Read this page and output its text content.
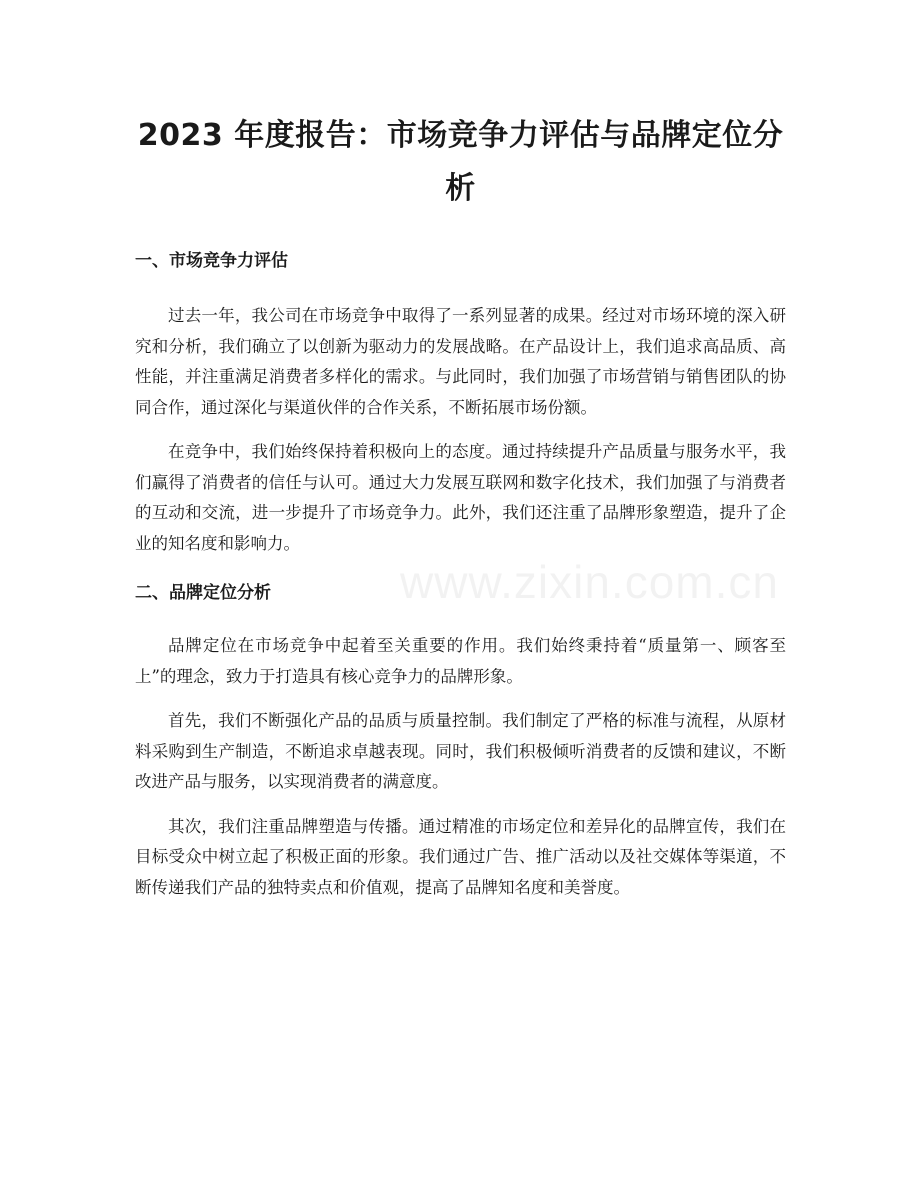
2023 年度报告：市场竞争力评估与品牌定位分析
一、市场竞争力评估

过去一年，我公司在市场竞争中取得了一系列显著的成果。经过对市场环境的深入研究和分析，我们确立了以创新为驱动力的发展战略。在产品设计上，我们追求高品质、高性能，并注重满足消费者多样化的需求。与此同时，我们加强了市场营销与销售团队的协同合作，通过深化与渠道伙伴的合作关系，不断拓展市场份额。

在竞争中，我们始终保持着积极向上的态度。通过持续提升产品质量与服务水平，我们赢得了消费者的信任与认可。通过大力发展互联网和数字化技术，我们加强了与消费者的互动和交流，进一步提升了市场竞争力。此外，我们还注重了品牌形象塑造，提升了企业的知名度和影响力。

二、品牌定位分析

品牌定位在市场竞争中起着至关重要的作用。我们始终秉持着“质量第一、顾客至上”的理念，致力于打造具有核心竞争力的品牌形象。

首先，我们不断强化产品的品质与质量控制。我们制定了严格的标准与流程，从原材料采购到生产制造，不断追求卓越表现。同时，我们积极倾听消费者的反馈和建议，不断改进产品与服务，以实现消费者的满意度。

其次，我们注重品牌塑造与传播。通过精准的市场定位和差异化的品牌宣传，我们在目标受众中树立起了积极正面的形象。我们通过广告、推广活动以及社交媒体等渠道，不断传递我们产品的独特卖点和价值观，提高了品牌知名度和美誉度。

www.zixin.com.cn
